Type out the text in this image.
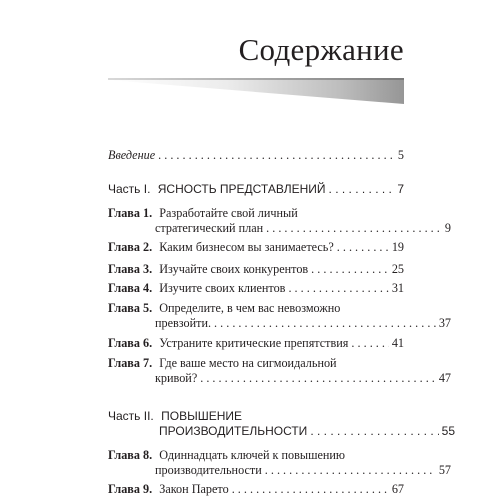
Содержание
Введение . . .	5
Часть I. ЯСНОСТЬ ПРЕДСТАВЛЕНИЙ . . .	7
Глава 1. Разработайте свой личный
стратегический план . . .	9
Глава 2. Каким бизнесом вы занимаетесь? . . .	19
Глава 3. Изучайте своих конкурентов . . .	25
Глава 4. Изучите своих клиентов . . .	31
Глава 5. Определите, в чем вас невозможно
превзойти. . . .	37
Глава 6. Устраните критические препятствия . . .	41
Глава 7. Где ваше место на сигмоидальной
кривой? . . .	47
Часть II. ПОВЫШЕНИЕ
ПРОИЗВОДИТЕЛЬНОСТИ . . .	55
Глава 8. Одиннадцать ключей к повышению
производительности . . .	57
Глава 9. Закон Парето . . .	67
